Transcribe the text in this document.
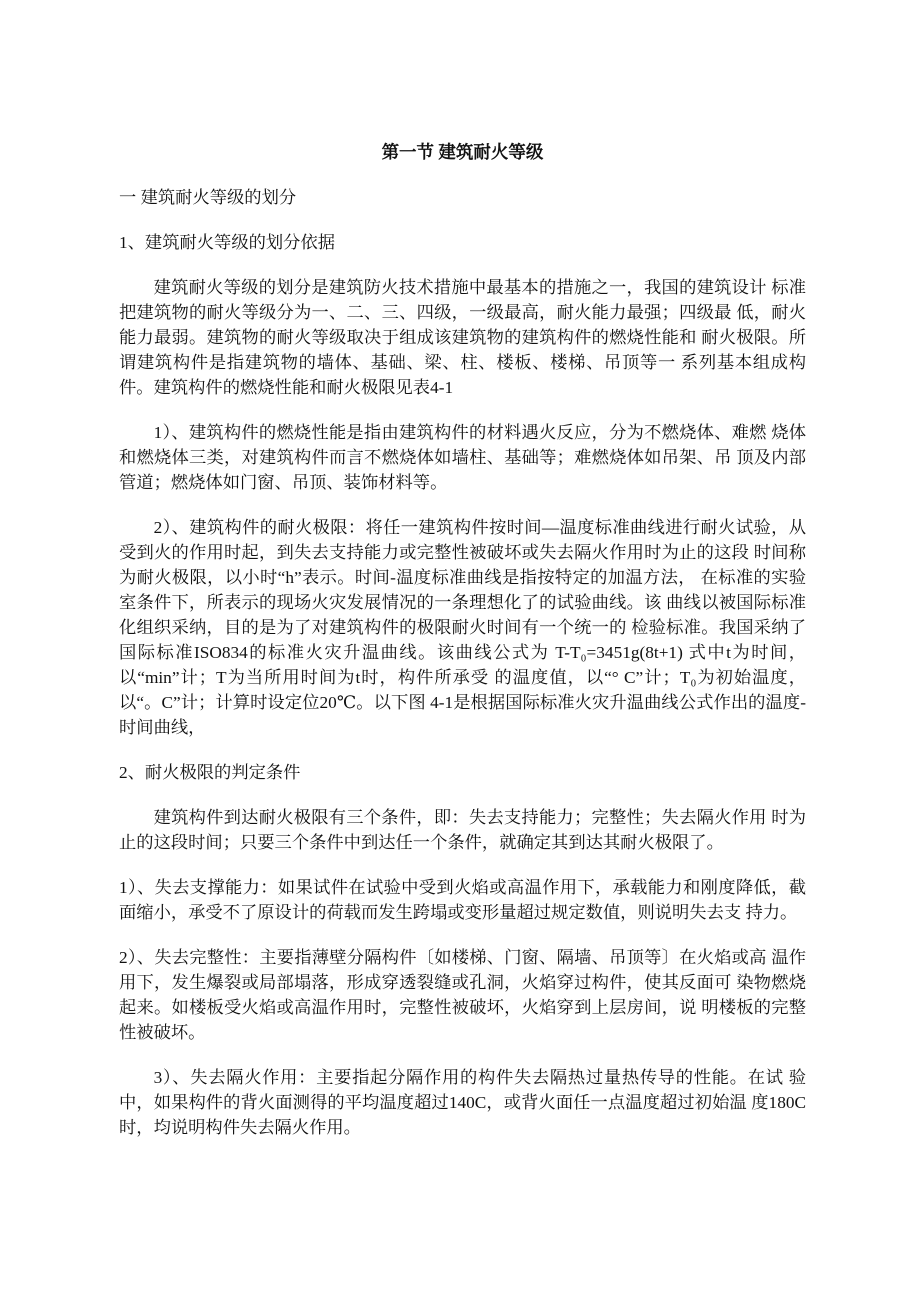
第一节 建筑耐火等级
一 建筑耐火等级的划分
1、建筑耐火等级的划分依据
建筑耐火等级的划分是建筑防火技术措施中最基本的措施之一，我国的建筑设计 标准把建筑物的耐火等级分为一、二、三、四级，一级最高，耐火能力最强；四级最 低，耐火能力最弱。建筑物的耐火等级取决于组成该建筑物的建筑构件的燃烧性能和 耐火极限。所谓建筑构件是指建筑物的墙体、基础、梁、柱、楼板、楼梯、吊顶等一 系列基本组成构件。建筑构件的燃烧性能和耐火极限见表4-1
1）、建筑构件的燃烧性能是指由建筑构件的材料遇火反应，分为不燃烧体、难燃 烧体和燃烧体三类，对建筑构件而言不燃烧体如墙柱、基础等；难燃烧体如吊架、吊 顶及内部管道；燃烧体如门窗、吊顶、装饰材料等。
2）、建筑构件的耐火极限：将任一建筑构件按时间—温度标准曲线进行耐火试验，从受到火的作用时起，到失去支持能力或完整性被破坏或失去隔火作用时为止的这段 时间称为耐火极限，以小时“h”表示。时间-温度标准曲线是指按特定的加温方法， 在标准的实验室条件下，所表示的现场火灾发展情况的一条理想化了的试验曲线。该 曲线以被国际标准化组织采纳，目的是为了对建筑构件的极限耐火时间有一个统一的 检验标准。我国采纳了国际标准ISO834的标准火灾升温曲线。该曲线公式为 T-T₀=3451g(8t+1) 式中t为时间，以“min”计；T为当所用时间为t时，构件所承受 的温度值，以“° C”计；T₀为初始温度，以“。C”计；计算时设定位20℃。以下图 4-1是根据国际标准火灾升温曲线公式作出的温度-时间曲线，
2、耐火极限的判定条件
建筑构件到达耐火极限有三个条件，即：失去支持能力；完整性；失去隔火作用 时为止的这段时间；只要三个条件中到达任一个条件，就确定其到达其耐火极限了。
1）、失去支撑能力：如果试件在试验中受到火焰或高温作用下，承载能力和刚度降低，截面缩小，承受不了原设计的荷载而发生跨塌或变形量超过规定数值，则说明失去支 持力。
2）、失去完整性：主要指薄壁分隔构件〔如楼梯、门窗、隔墙、吊顶等〕在火焰或高 温作用下，发生爆裂或局部塌落，形成穿透裂缝或孔洞，火焰穿过构件，使其反面可 染物燃烧起来。如楼板受火焰或高温作用时，完整性被破坏，火焰穿到上层房间，说 明楼板的完整性被破坏。
3）、失去隔火作用：主要指起分隔作用的构件失去隔热过量热传导的性能。在试 验中，如果构件的背火面测得的平均温度超过140C，或背火面任一点温度超过初始温 度180C时，均说明构件失去隔火作用。
